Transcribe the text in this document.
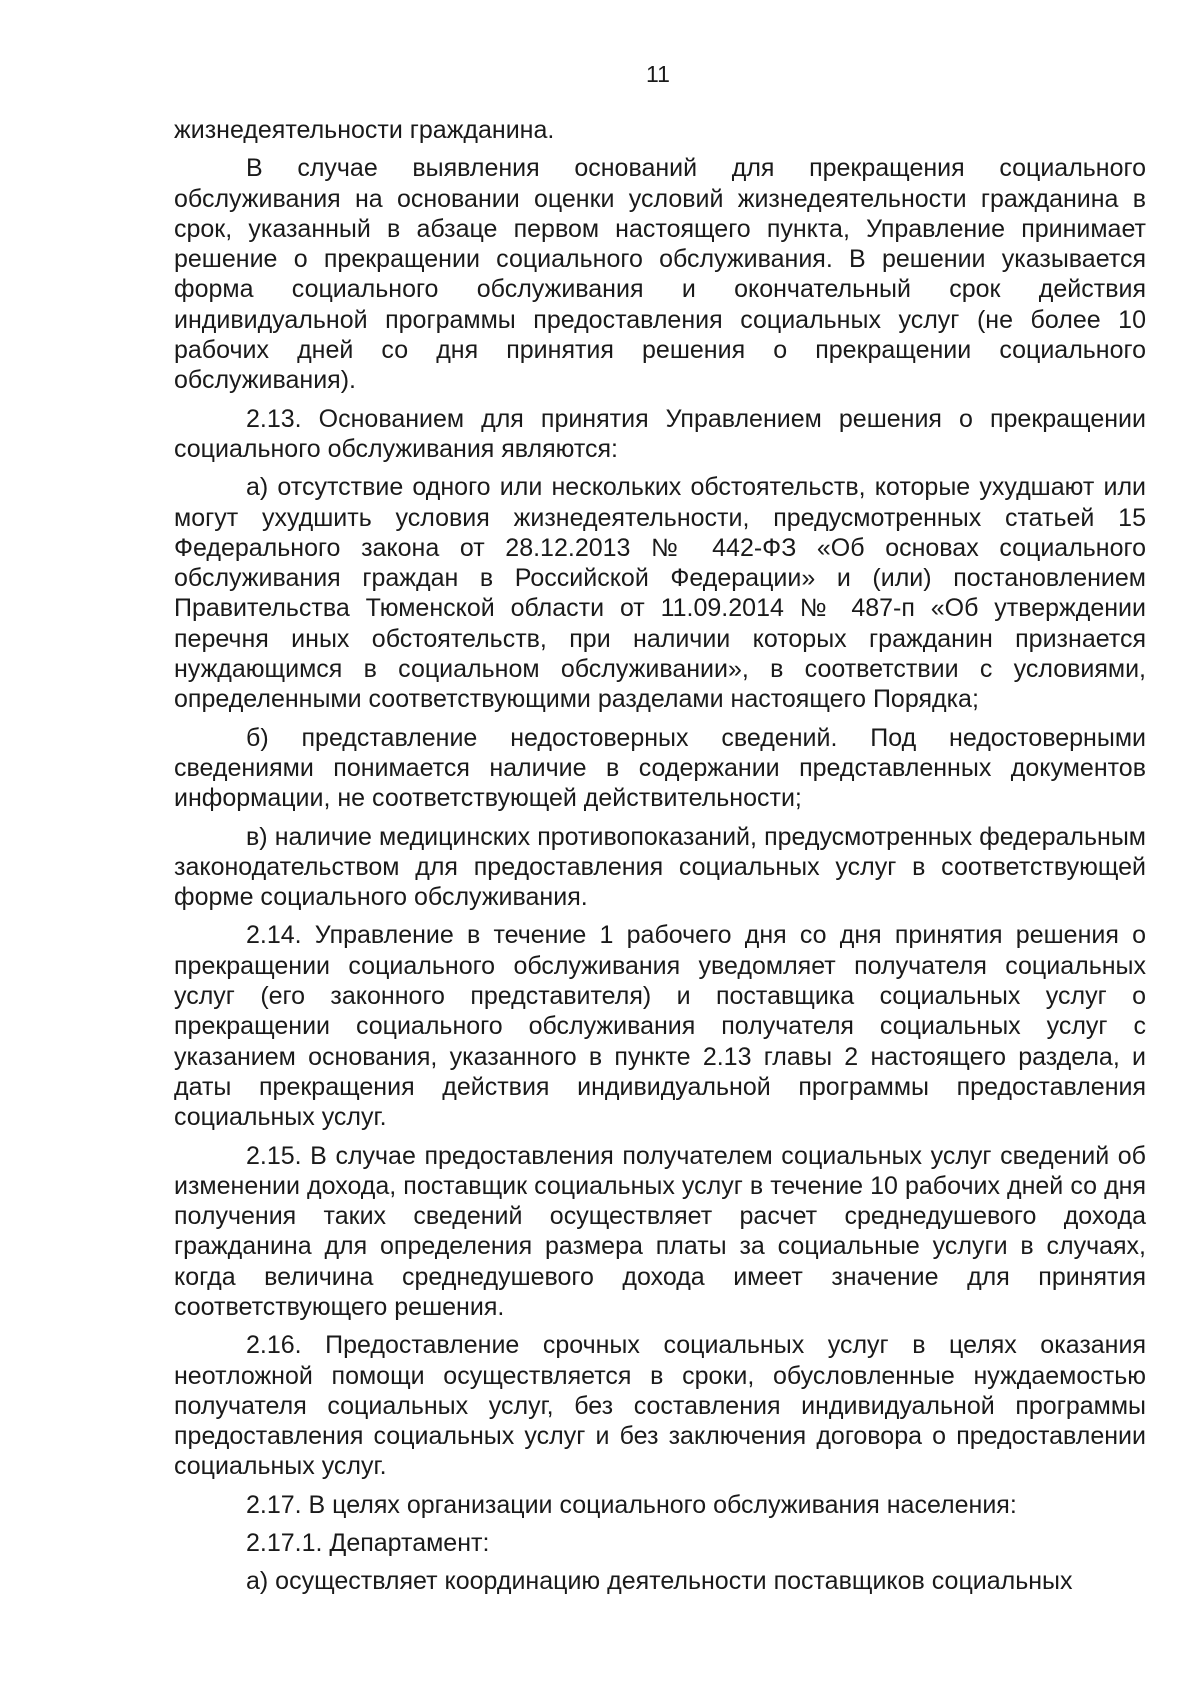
11

жизнедеятельности гражданина.

В случае выявления оснований для прекращения социального обслуживания на основании оценки условий жизнедеятельности гражданина в срок, указанный в абзаце первом настоящего пункта, Управление принимает решение о прекращении социального обслуживания. В решении указывается форма социального обслуживания и окончательный срок действия индивидуальной программы предоставления социальных услуг (не более 10 рабочих дней со дня принятия решения о прекращении социального обслуживания).

2.13. Основанием для принятия Управлением решения о прекращении социального обслуживания являются:

а) отсутствие одного или нескольких обстоятельств, которые ухудшают или могут ухудшить условия жизнедеятельности, предусмотренных статьей 15 Федерального закона от 28.12.2013 № 442-ФЗ «Об основах социального обслуживания граждан в Российской Федерации» и (или) постановлением Правительства Тюменской области от 11.09.2014 № 487-п «Об утверждении перечня иных обстоятельств, при наличии которых гражданин признается нуждающимся в социальном обслуживании», в соответствии с условиями, определенными соответствующими разделами настоящего Порядка;

б) представление недостоверных сведений. Под недостоверными сведениями понимается наличие в содержании представленных документов информации, не соответствующей действительности;

в) наличие медицинских противопоказаний, предусмотренных федеральным законодательством для предоставления социальных услуг в соответствующей форме социального обслуживания.

2.14. Управление в течение 1 рабочего дня со дня принятия решения о прекращении социального обслуживания уведомляет получателя социальных услуг (его законного представителя) и поставщика социальных услуг о прекращении социального обслуживания получателя социальных услуг с указанием основания, указанного в пункте 2.13 главы 2 настоящего раздела, и даты прекращения действия индивидуальной программы предоставления социальных услуг.

2.15. В случае предоставления получателем социальных услуг сведений об изменении дохода, поставщик социальных услуг в течение 10 рабочих дней со дня получения таких сведений осуществляет расчет среднедушевого дохода гражданина для определения размера платы за социальные услуги в случаях, когда величина среднедушевого дохода имеет значение для принятия соответствующего решения.

2.16. Предоставление срочных социальных услуг в целях оказания неотложной помощи осуществляется в сроки, обусловленные нуждаемостью получателя социальных услуг, без составления индивидуальной программы предоставления социальных услуг и без заключения договора о предоставлении социальных услуг.

2.17. В целях организации социального обслуживания населения:

2.17.1. Департамент:

а) осуществляет координацию деятельности поставщиков социальных
